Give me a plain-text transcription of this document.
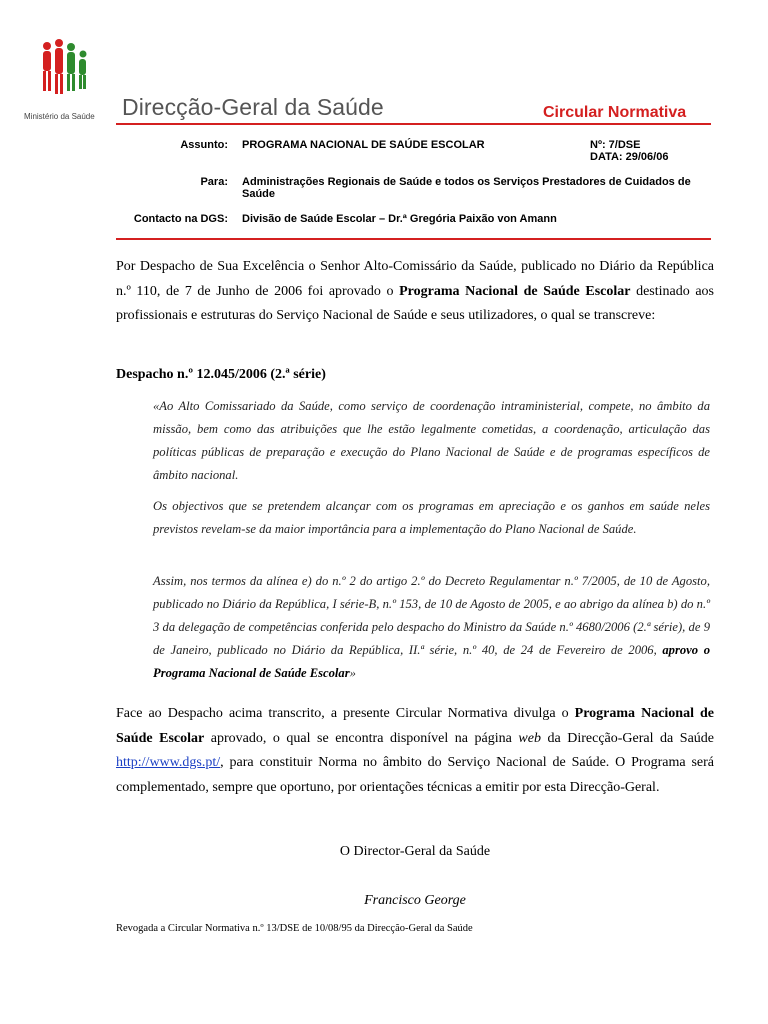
Ministério da Saúde Direcção-Geral da Saúde	Circular Normativa
Assunto: PROGRAMA NACIONAL DE SAÚDE ESCOLAR	Nº: 7/DSE
DATA: 29/06/06
Para: Administrações Regionais de Saúde e todos os Serviços Prestadores de Cuidados de Saúde
Contacto na DGS: Divisão de Saúde Escolar – Dr.ª Gregória Paixão von Amann
Por Despacho de Sua Excelência o Senhor Alto-Comissário da Saúde, publicado no Diário da República n.º 110, de 7 de Junho de 2006 foi aprovado o Programa Nacional de Saúde Escolar destinado aos profissionais e estruturas do Serviço Nacional de Saúde e seus utilizadores, o qual se transcreve:
Despacho n.º 12.045/2006 (2.ª série)
«Ao Alto Comissariado da Saúde, como serviço de coordenação intraministerial, compete, no âmbito da missão, bem como das atribuições que lhe estão legalmente cometidas, a coordenação, articulação das políticas públicas de preparação e execução do Plano Nacional de Saúde e de programas específicos de âmbito nacional.
Os objectivos que se pretendem alcançar com os programas em apreciação e os ganhos em saúde neles previstos revelam-se da maior importância para a implementação do Plano Nacional de Saúde.
Assim, nos termos da alínea e) do n.º 2 do artigo 2.º do Decreto Regulamentar n.º 7/2005, de 10 de Agosto, publicado no Diário da República, I série-B, n.º 153, de 10 de Agosto de 2005, e ao abrigo da alínea b) do n.º 3 da delegação de competências conferida pelo despacho do Ministro da Saúde n.º 4680/2006 (2.ª série), de 9 de Janeiro, publicado no Diário da República, II.ª série, n.º 40, de 24 de Fevereiro de 2006, aprovo o Programa Nacional de Saúde Escolar»
Face ao Despacho acima transcrito, a presente Circular Normativa divulga o Programa Nacional de Saúde Escolar aprovado, o qual se encontra disponível na página web da Direcção-Geral da Saúde http://www.dgs.pt/, para constituir Norma no âmbito do Serviço Nacional de Saúde. O Programa será complementado, sempre que oportuno, por orientações técnicas a emitir por esta Direcção-Geral.
O Director-Geral da Saúde
Francisco George
Revogada a Circular Normativa n.º 13/DSE de 10/08/95 da Direcção-Geral da Saúde
